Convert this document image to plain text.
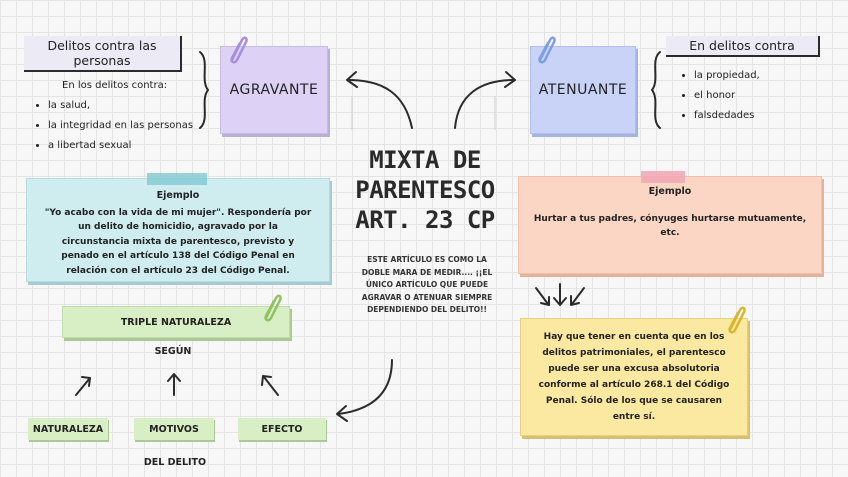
MIXTA DE
PARENTESCO
ART. 23 CP
ESTE ARTÍCULO ES COMO LA DOBLE MARA DE MEDIR.... ¡¡EL ÚNICO ARTÍCULO QUE PUEDE AGRAVAR O ATENUAR SIEMPRE DEPENDIENDO DEL DELITO!!
Delitos contra las personas
En los delitos contra:
• la salud,
• la integridad en las personas
• a libertad sexual
AGRAVANTE
Ejemplo
"Yo acabo con la vida de mi mujer". Respondería por un delito de homicidio, agravado por la circunstancia mixta de parentesco, previsto y penado en el artículo 138 del Código Penal en relación con el artículo 23 del Código Penal.
En delitos contra
• la propiedad,
• el honor
• falsdedades
ATENUANTE
Ejemplo
Hurtar a tus padres, cónyuges hurtarse mutuamente, etc.
Hay que tener en cuenta que en los delitos patrimoniales, el parentesco puede ser una excusa absolutoria conforme al artículo 268.1 del Código Penal. Sólo de los que se causaren entre sí.
TRIPLE NATURALEZA
SEGÚN
NATURALEZA	MOTIVOS	EFECTO
DEL DELITO
